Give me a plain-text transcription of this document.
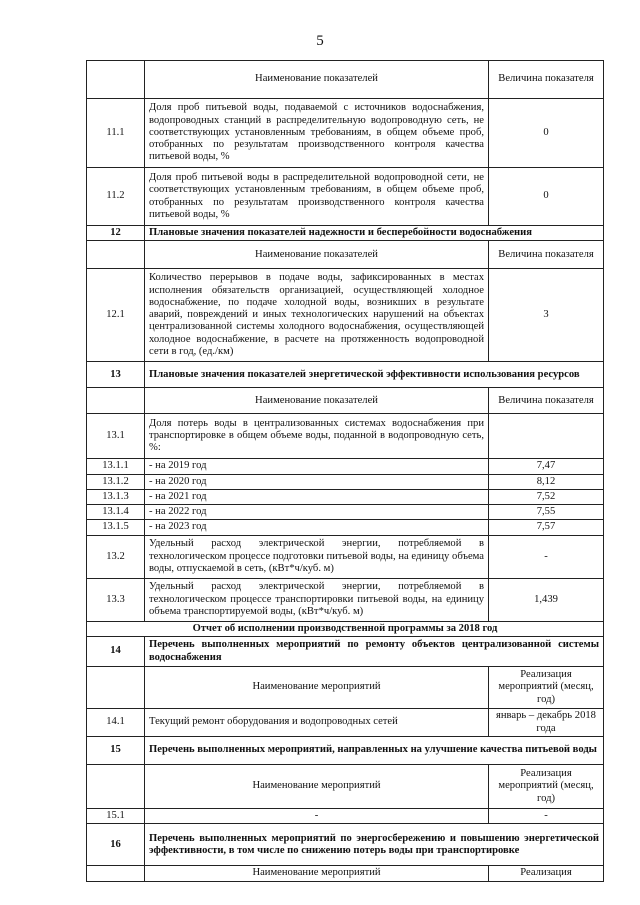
5
	Наименование показателей	Величина показателя
11.1	Доля проб питьевой воды, подаваемой с источников водоснабжения, водопроводных станций в распределительную водопроводную сеть, не соответствующих установленным требованиям, в общем объеме проб, отобранных по результатам производственного контроля качества питьевой воды, %	0
11.2	Доля проб питьевой воды в распределительной водопроводной сети, не соответствующих установленным требованиям, в общем объеме проб, отобранных по результатам производственного контроля качества питьевой воды, %	0
12	Плановые значения показателей надежности и бесперебойности водоснабжения	
	Наименование показателей	Величина показателя
12.1	Количество перерывов в подаче воды, зафиксированных в местах исполнения обязательств организацией, осуществляющей холодное водоснабжение, по подаче холодной воды, возникших в результате аварий, повреждений и иных технологических нарушений на объектах централизованной системы холодного водоснабжения, осуществляющей холодное водоснабжение, в расчете на протяженность водопроводной сети в год, (ед./км)	3
13	Плановые значения показателей энергетической эффективности использования ресурсов	
	Наименование показателей	Величина показателя
13.1	Доля потерь воды в централизованных системах водоснабжения при транспортировке в общем объеме воды, поданной в водопроводную сеть, %:	
13.1.1	- на 2019 год	7,47
13.1.2	- на 2020 год	8,12
13.1.3	- на 2021 год	7,52
13.1.4	- на 2022 год	7,55
13.1.5	- на 2023 год	7,57
13.2	Удельный расход электрической энергии, потребляемой в технологическом процессе подготовки питьевой воды, на единицу объема воды, отпускаемой в сеть, (кВт*ч/куб. м)	-
13.3	Удельный расход электрической энергии, потребляемой в технологическом процессе транспортировки питьевой воды, на единицу объема транспортируемой воды, (кВт*ч/куб. м)	1,439
Отчет об исполнении производственной программы за 2018 год		
14	Перечень выполненных мероприятий по ремонту объектов централизованной системы водоснабжения	
	Наименование мероприятий	Реализация мероприятий (месяц, год)
14.1	Текущий ремонт оборудования и водопроводных сетей	январь – декабрь 2018 года
15	Перечень выполненных мероприятий, направленных на улучшение качества питьевой воды	
	Наименование мероприятий	Реализация мероприятий (месяц, год)
15.1	-	-
16	Перечень выполненных мероприятий по энергосбережению и повышению энергетической эффективности, в том числе по снижению потерь воды при транспортировке	
	Наименование мероприятий	Реализация
